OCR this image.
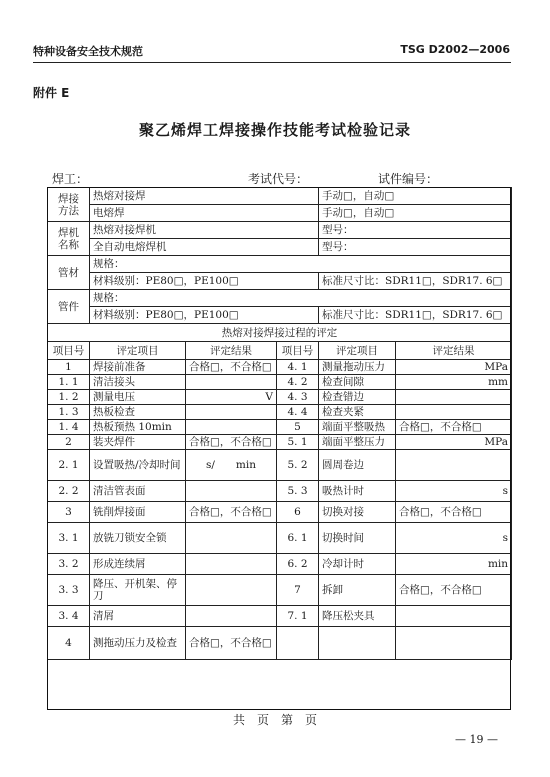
特种设备安全技术规范	TSG D2002—2006
附件 E
聚乙烯焊工焊接操作技能考试检验记录
焊工：	考试代号：	试件编号：
焊接
方法	热熔对接焊			手动□，自动□	
	电熔焊			手动□，自动□	
焊机
名称	热熔对接焊机			型号：	
	全自动电熔焊机			型号：	
管材	规格：				
	材料级别：PE80□，PE100□			标准尺寸比：SDR11□，SDR17. 6□	
管件	规格：				
	材料级别：PE80□，PE100□			标准尺寸比：SDR11□，SDR17. 6□	
热熔对接焊接过程的评定					
项目号	评定项目	评定结果	项目号	评定项目	评定结果
1	焊接前准备	合格□，不合格□	4. 1	测量拖动压力	MPa
1. 1	清洁接头		4. 2	检查间隙	mm
1. 2	测量电压	V	4. 3	检查错边	
1. 3	热板检查		4. 4	检查夹紧	
1. 4	热板预热 10min		5	端面平整吸热	合格□，不合格□
2	装夹焊件	合格□，不合格□	5. 1	端面平整压力	MPa
2. 1	设置吸热/冷却时间	s/　　min	5. 2	圆周卷边	
2. 2	清洁管表面		5. 3	吸热计时	s
3	铣削焊接面	合格□，不合格□	6	切换对接	合格□，不合格□
3. 1	放铣刀锁安全锁		6. 1	切换时间	s
3. 2	形成连续屑		6. 2	冷却计时	min
3. 3	降压、开机架、停刀		7	拆卸	合格□，不合格□
3. 4	清屑		7. 1	降压松夹具	
4	测拖动压力及检查	合格□，不合格□			
共　页　第　页
— 19 —
